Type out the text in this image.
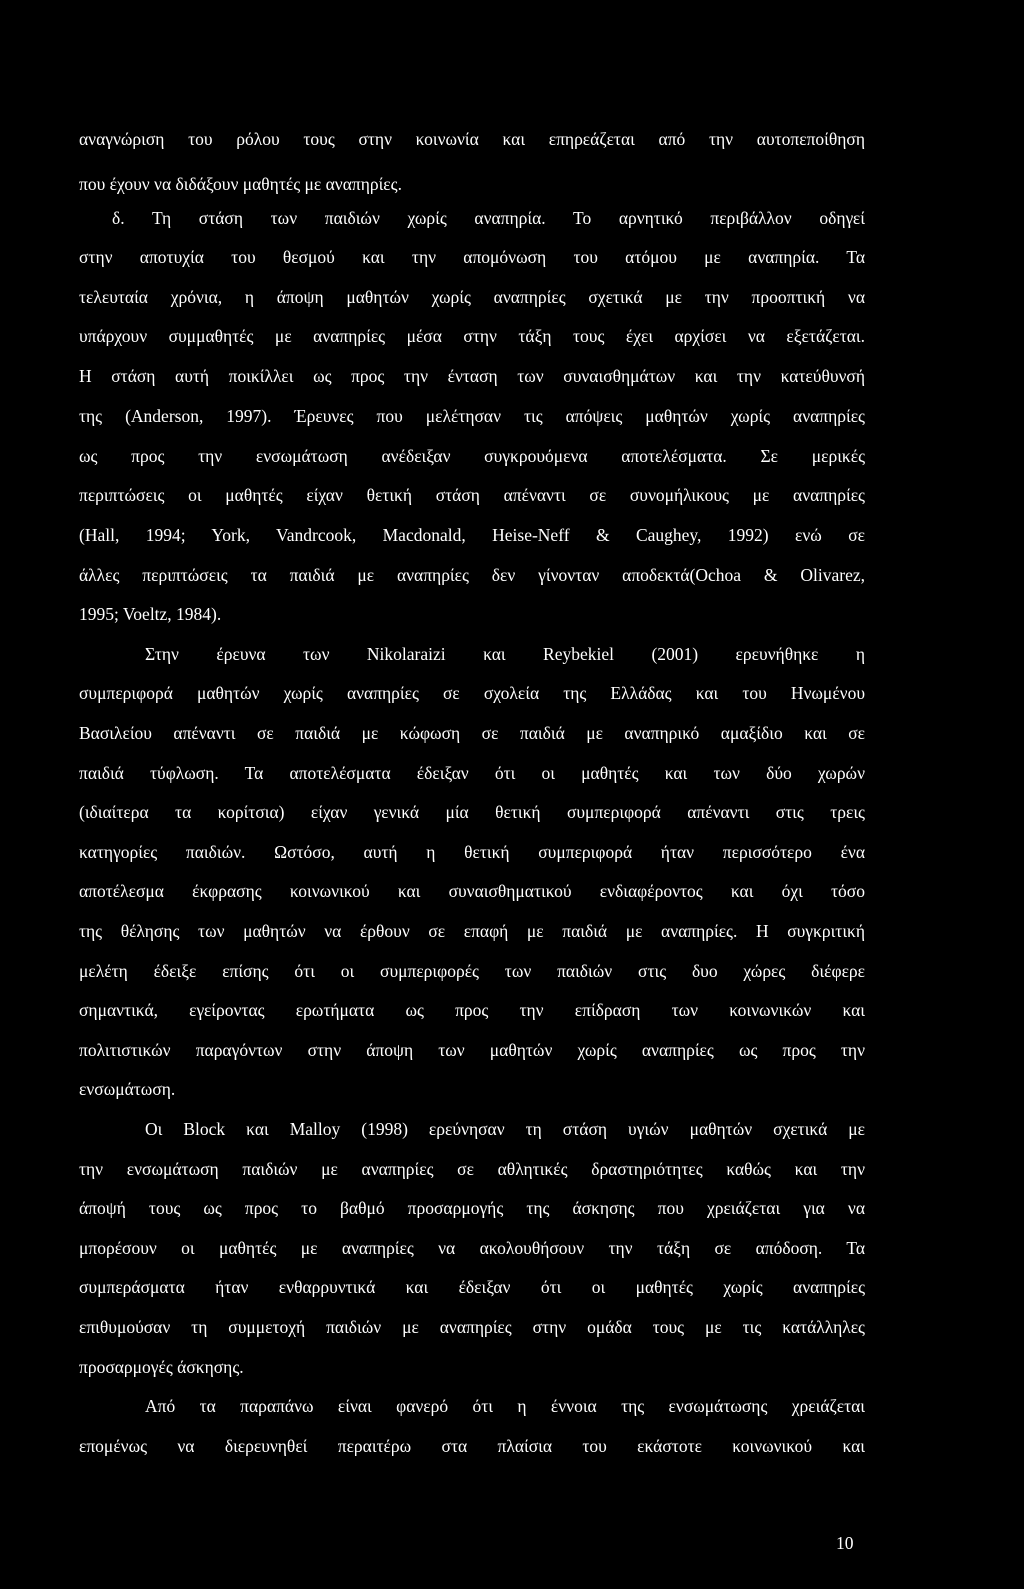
αναγνώριση του ρόλου τους στην κοινωνία και επηρεάζεται από την αυτοπεποίθηση
που έχουν να διδάξουν μαθητές με αναπηρίες.
δ. Τη στάση των παιδιών χωρίς αναπηρία. Το αρνητικό περιβάλλον οδηγεί
στην αποτυχία του θεσμού και την απομόνωση του ατόμου με αναπηρία. Τα
τελευταία χρόνια, η άποψη μαθητών χωρίς αναπηρίες σχετικά με την προοπτική να
υπάρχουν συμμαθητές με αναπηρίες μέσα στην τάξη τους έχει αρχίσει να εξετάζεται.
Η στάση αυτή ποικίλλει ως προς την ένταση των συναισθημάτων και την κατεύθυνσή
της (Anderson, 1997). Έρευνες που μελέτησαν τις απόψεις μαθητών χωρίς αναπηρίες
ως προς την ενσωμάτωση ανέδειξαν συγκρουόμενα αποτελέσματα. Σε μερικές
περιπτώσεις οι μαθητές είχαν θετική στάση απέναντι σε συνομήλικους με αναπηρίες
(Hall, 1994; York, Vandrcook, Macdonald, Heise-Neff & Caughey, 1992) ενώ σε
άλλες περιπτώσεις τα παιδιά με αναπηρίες δεν γίνονταν αποδεκτά(Ochoa & Olivarez,
1995; Voeltz, 1984).
Στην έρευνα των Nikolaraizi και Reybekiel (2001) ερευνήθηκε η
συμπεριφορά μαθητών χωρίς αναπηρίες σε σχολεία της Ελλάδας και του Ηνωμένου
Βασιλείου απέναντι σε παιδιά με κώφωση σε παιδιά με αναπηρικό αμαξίδιο και σε
παιδιά τύφλωση. Τα αποτελέσματα έδειξαν ότι οι μαθητές και των δύο χωρών
(ιδιαίτερα τα κορίτσια) είχαν γενικά μία θετική συμπεριφορά απέναντι στις τρεις
κατηγορίες παιδιών. Ωστόσο, αυτή η θετική συμπεριφορά ήταν περισσότερο ένα
αποτέλεσμα έκφρασης κοινωνικού και συναισθηματικού ενδιαφέροντος και όχι τόσο
της θέλησης των μαθητών να έρθουν σε επαφή με παιδιά με αναπηρίες. Η συγκριτική
μελέτη έδειξε επίσης ότι οι συμπεριφορές των παιδιών στις δυο χώρες διέφερε
σημαντικά, εγείροντας ερωτήματα ως προς την επίδραση των κοινωνικών και
πολιτιστικών παραγόντων στην άποψη των μαθητών χωρίς αναπηρίες ως προς την
ενσωμάτωση.
Οι Block και Malloy (1998) ερεύνησαν τη στάση υγιών μαθητών σχετικά με
την ενσωμάτωση παιδιών με αναπηρίες σε αθλητικές δραστηριότητες καθώς και την
άποψή τους ως προς το βαθμό προσαρμογής της άσκησης που χρειάζεται για να
μπορέσουν οι μαθητές με αναπηρίες να ακολουθήσουν την τάξη σε απόδοση. Τα
συμπεράσματα ήταν ενθαρρυντικά και έδειξαν ότι οι μαθητές χωρίς αναπηρίες
επιθυμούσαν τη συμμετοχή παιδιών με αναπηρίες στην ομάδα τους με τις κατάλληλες
προσαρμογές άσκησης.
Από τα παραπάνω είναι φανερό ότι η έννοια της ενσωμάτωσης χρειάζεται
επομένως να διερευνηθεί περαιτέρω στα πλαίσια του εκάστοτε κοινωνικού και
10
